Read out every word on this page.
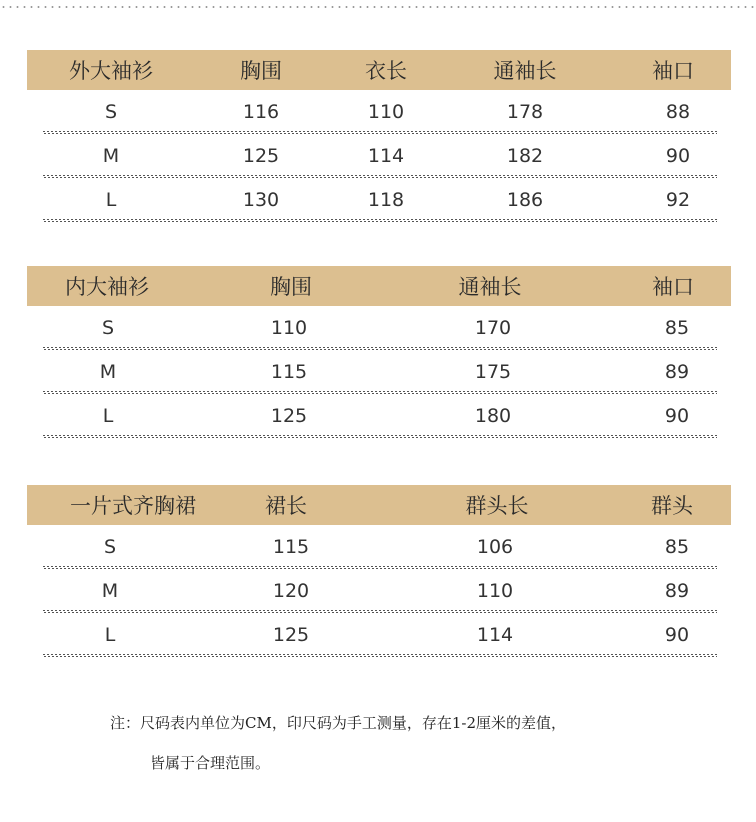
外大袖衫	胸围	衣长	通袖长	袖口
S	116	110	178	88
M	125	114	182	90
L	130	118	186	92
内大袖衫	胸围	通袖长	袖口
S	110	170	85
M	115	175	89
L	125	180	90
一片式齐胸裙	裙长	群头长	群头
S	115	106	85
M	120	110	89
L	125	114	90
注：尺码表内单位为CM，印尺码为手工测量，存在1-2厘米的差值，
皆属于合理范围。
